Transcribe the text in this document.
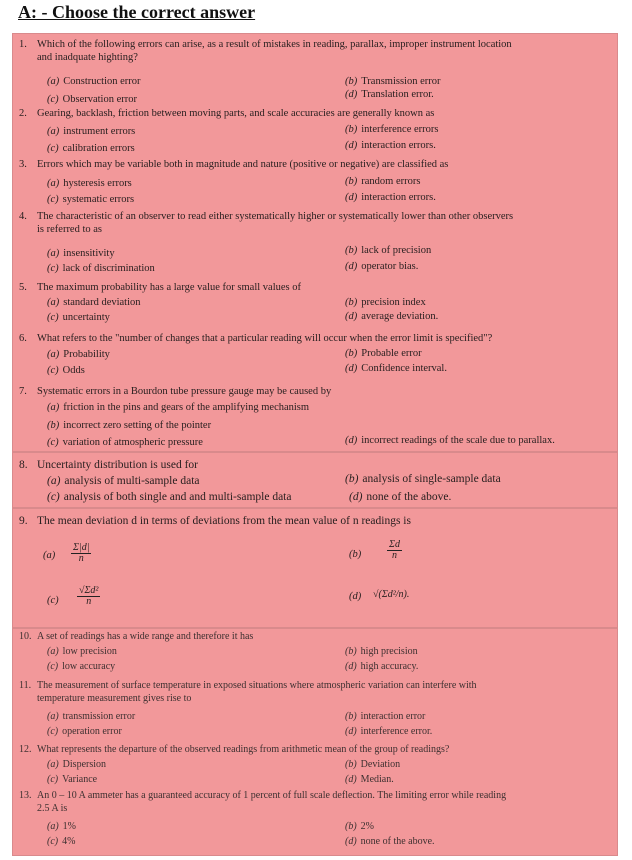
A: - Choose the correct answer
1. Which of the following errors can arise, as a result of mistakes in reading, parallax, improper instrument location
and inadquate highting?
(a) Construction error	(b) Transmission error
(c) Observation error	(d) Translation error.
2. Gearing, backlash, friction between moving parts, and scale accuracies are generally known as
(a) instrument errors	(b) interference errors
(c) calibration errors	(d) interaction errors.
3. Errors which may be variable both in magnitude and nature (positive or negative) are classified as
(a) hysteresis errors	(b) random errors
(c) systematic errors	(d) interaction errors.
4. The characteristic of an observer to read either systematically higher or systematically lower than other observers
is referred to as
(a) insensitivity	(b) lack of precision
(c) lack of discrimination	(d) operator bias.
5. The maximum probability has a large value for small values of
(a) standard deviation	(b) precision index
(c) uncertainty	(d) average deviation.
6. What refers to the "number of changes that a particular reading will occur when the error limit is specified"?
(a) Probability	(b) Probable error
(c) Odds	(d) Confidence interval.
7. Systematic errors in a Bourdon tube pressure gauge may be caused by
(a) friction in the pins and gears of the amplifying mechanism
(b) incorrect zero setting of the pointer
(c) variation of atmospheric pressure	(d) incorrect readings of the scale due to parallax.
8. Uncertainty distribution is used for
(a) analysis of multi-sample data	(b) analysis of single-sample data
(c) analysis of both single and and multi-sample data	(d) none of the above.
9. The mean deviation d in terms of deviations from the mean value of n readings is
$(a) \frac{\Sigma|d|}{n}$	(b)	$\frac{\Sigma d}{n}$
$(c) \frac{\text{√Σd²}}{n}$	(d) √(Σd²/n).
10. A set of readings has a wide range and therefore it has
(a) low precision	(b) high precision
(c) low accuracy	(d) high accuracy.
11. The measurement of surface temperature in exposed situations where atmospheric variation can interfere with
temperature measurement gives rise to
(a) transmission error	(b) interaction error
(c) operation error	(d) interference error.
12. What represents the departure of the observed readings from arithmetic mean of the group of readings?
(a) Dispersion	(b) Deviation
(c) Variance	(d) Median.
13. An 0 – 10 A ammeter has a guaranteed accuracy of 1 percent of full scale deflection. The limiting error while reading
2.5 A is
(a) 1%	(b) 2%
(c) 4%	(d) none of the above.
